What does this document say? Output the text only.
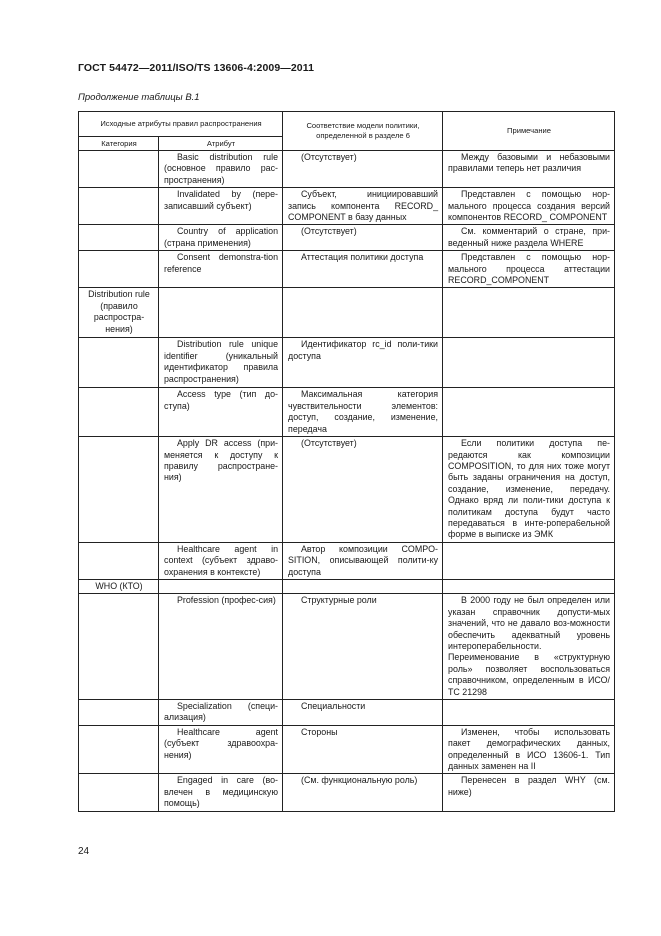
ГОСТ 54472—2011/ISO/TS 13606-4:2009—2011
Продолжение таблицы В.1
Исходные атрибуты правил распространения		Соответствие модели политики, определенной в разделе 6	Примечание
Категория	Атрибут		
	Basic distribution rule (основное правило рас-пространения)	(Отсутствует)	Между базовыми и небазовыми правилами теперь нет различия
	Invalidated by (пере-записавший субъект)	Субъект, инициировавший запись компонента RECORD_ COMPONENT в базу данных	Представлен с помощью нор-мального процесса создания версий компонентов RECORD_ COMPONENT
	Country of application (страна применения)	(Отсутствует)	См. комментарий о стране, при-веденный ниже раздела WHERE
	Consent demonstra-tion reference	Аттестация политики доступа	Представлен с помощью нор-мального процесса аттестации RECORD_COMPONENT
Distribution rule (правило распростра-нения)			
	Distribution rule unique identifier (уникальный идентификатор правила распространения)	Идентификатор rc_id поли-тики доступа	
	Access type (тип до-ступа)	Максимальная категория чувствительности элементов: доступ, создание, изменение, передача	
	Apply DR access (при-меняется к доступу к правилу распростране-ния)	(Отсутствует)	Если политики доступа пе-редаются как композиции COMPOSITION, то для них тоже могут быть заданы ограничения на доступ, создание, изменение, передачу. Однако вряд ли поли-тики доступа к политикам доступа будут часто передаваться в инте-ропера6ельной форме в выписке из ЭМК
	Healthcare agent in context (субъект здраво-охранения в контексте)	Автор композиции COMPO-SITION, описывающей полити-ку доступа	
WHO (КТО)			
	Profession (профес-сия)	Структурные роли	В 2000 году не был определен или указан справочник допусти-мых значений, что не давало воз-можности обеспечить адекватный уровень интероперабельности. Переименование в «структурную роль» позволяет воспользоваться справочником, определенным в ИСО/ТС 21298
	Specialization (специ-ализация)	Специальности	
	Healthcare agent (субъект здравоохра-нения)	Стороны	Изменен, чтобы использовать пакет демографических данных, определенный в ИСО 13606-1. Тип данных заменен на II
	Engaged in care (во-влечен в медицинскую помощь)	(См. функциональную роль)	Перенесен в раздел WHY (см. ниже)
24
